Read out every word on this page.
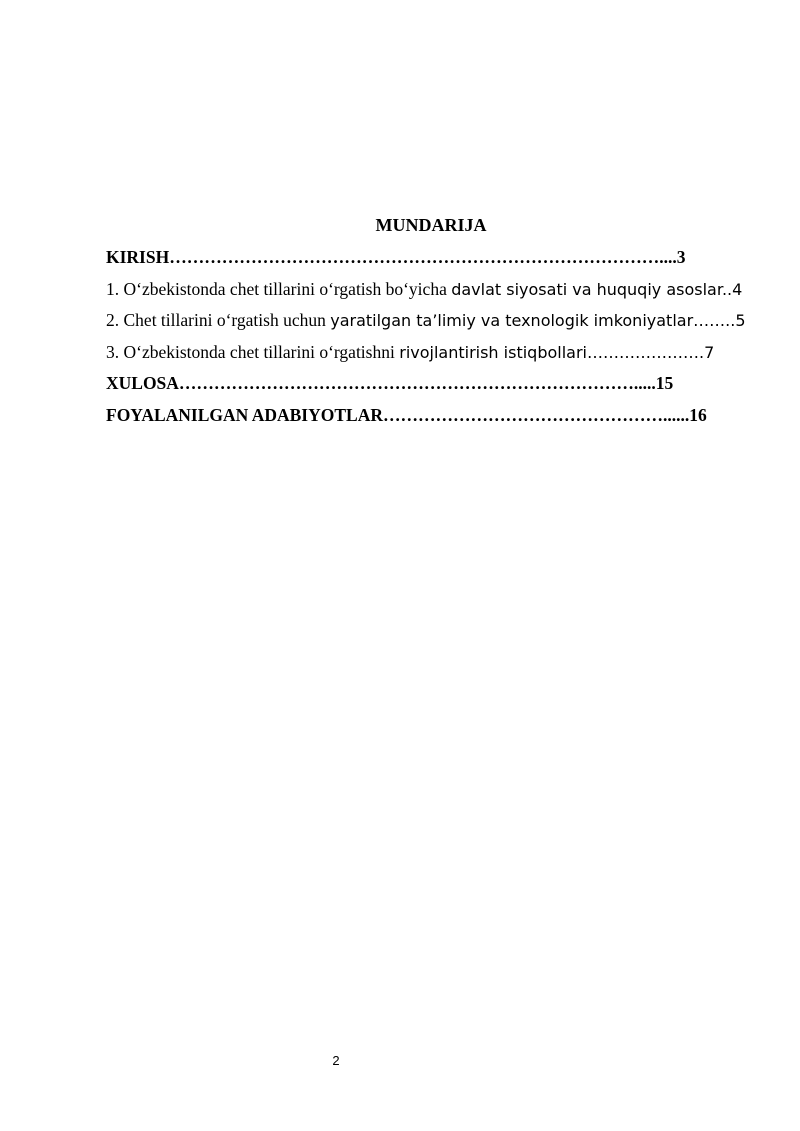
MUNDARIJA
KIRISH…………………………………………………………………………....3
1. O‘zbekistonda chet tillarini o‘rgatish bo‘yicha davlat siyosati va huquqiy asoslar..4
2. Chet tillarini o‘rgatish uchun yaratilgan ta’limiy va texnologik imkoniyatlar……..5
3. O‘zbekistonda chet tillarini o‘rgatishni rivojlantirish istiqbollari………………….7
XULOSA…………………………………………………………………….....15
FOYALANILGAN ADABIYOTLAR…………………………………………......16
2
